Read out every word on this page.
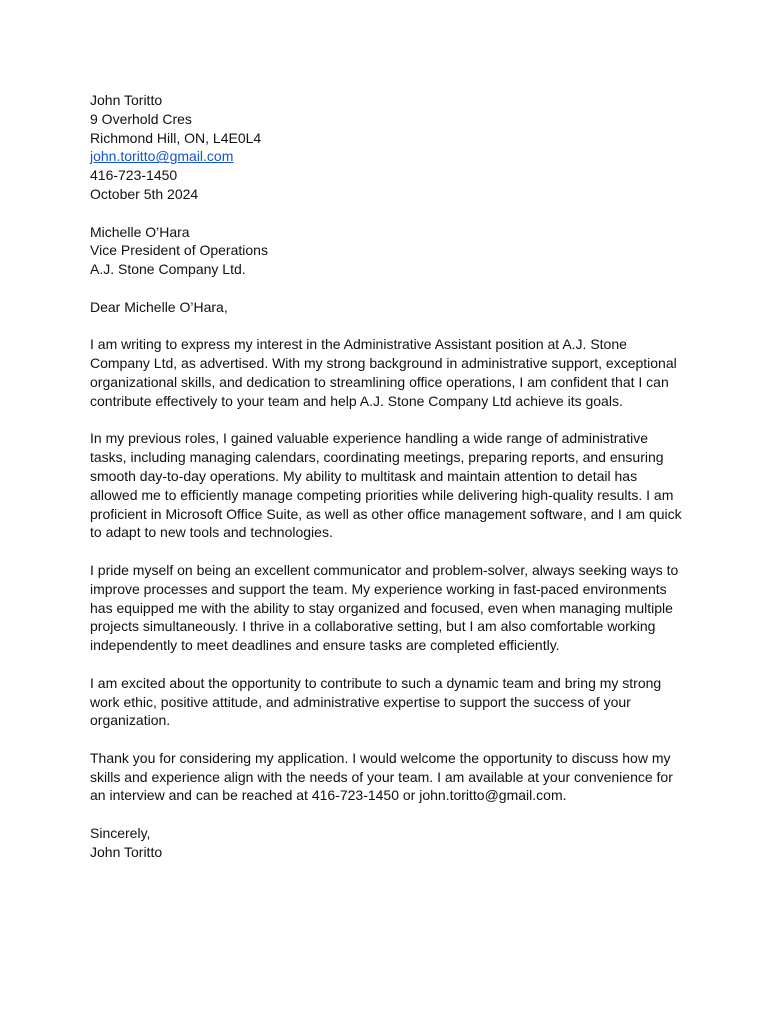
John Toritto
9 Overhold Cres
Richmond Hill, ON, L4E0L4
john.toritto@gmail.com
416-723-1450
October 5th 2024
Michelle O’Hara
Vice President of Operations
A.J. Stone Company Ltd.
Dear Michelle O’Hara,
I am writing to express my interest in the Administrative Assistant position at A.J. Stone
Company Ltd, as advertised. With my strong background in administrative support, exceptional
organizational skills, and dedication to streamlining office operations, I am confident that I can
contribute effectively to your team and help A.J. Stone Company Ltd achieve its goals.
In my previous roles, I gained valuable experience handling a wide range of administrative
tasks, including managing calendars, coordinating meetings, preparing reports, and ensuring
smooth day-to-day operations. My ability to multitask and maintain attention to detail has
allowed me to efficiently manage competing priorities while delivering high-quality results. I am
proficient in Microsoft Office Suite, as well as other office management software, and I am quick
to adapt to new tools and technologies.
I pride myself on being an excellent communicator and problem-solver, always seeking ways to
improve processes and support the team. My experience working in fast-paced environments
has equipped me with the ability to stay organized and focused, even when managing multiple
projects simultaneously. I thrive in a collaborative setting, but I am also comfortable working
independently to meet deadlines and ensure tasks are completed efficiently.
I am excited about the opportunity to contribute to such a dynamic team and bring my strong
work ethic, positive attitude, and administrative expertise to support the success of your
organization.
Thank you for considering my application. I would welcome the opportunity to discuss how my
skills and experience align with the needs of your team. I am available at your convenience for
an interview and can be reached at 416-723-1450 or john.toritto@gmail.com.
Sincerely,
John Toritto
